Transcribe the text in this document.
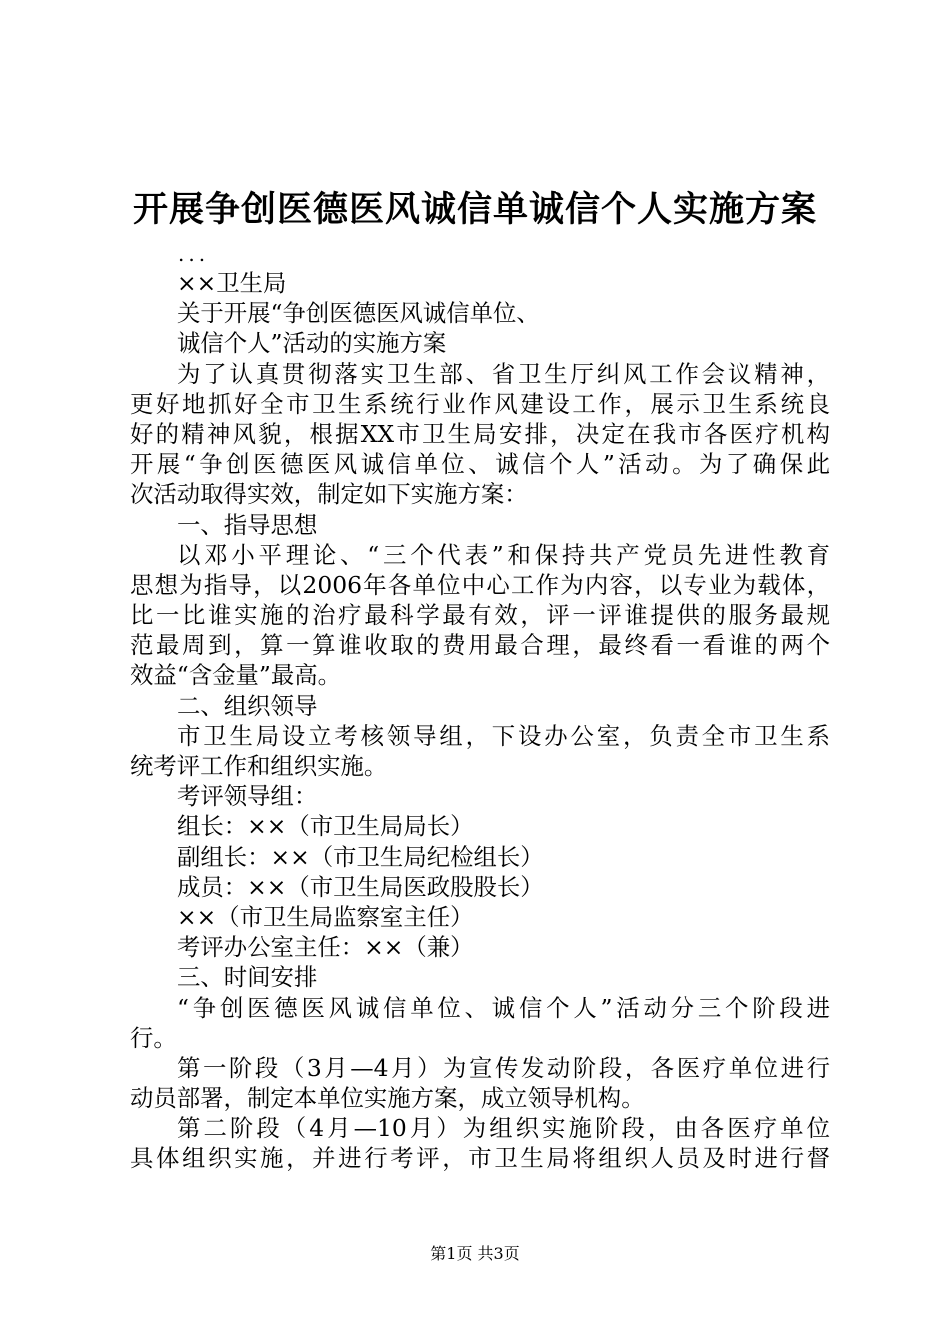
开展争创医德医风诚信单诚信个人实施方案
...
××卫生局
关于开展“争创医德医风诚信单位、
诚信个人”活动的实施方案
为了认真贯彻落实卫生部、省卫生厅纠风工作会议精神，
更好地抓好全市卫生系统行业作风建设工作，展示卫生系统良
好的精神风貌，根据XX市卫生局安排，决定在我市各医疗机构
开展“争创医德医风诚信单位、诚信个人”活动。为了确保此
次活动取得实效，制定如下实施方案：
一、指导思想
以邓小平理论、“三个代表”和保持共产党员先进性教育
思想为指导，以2006年各单位中心工作为内容，以专业为载体，
比一比谁实施的治疗最科学最有效，评一评谁提供的服务最规
范最周到，算一算谁收取的费用最合理，最终看一看谁的两个
效益“含金量”最高。
二、组织领导
市卫生局设立考核领导组，下设办公室，负责全市卫生系
统考评工作和组织实施。
考评领导组：
组长：××（市卫生局局长）
副组长：××（市卫生局纪检组长）
成员：××（市卫生局医政股股长）
××（市卫生局监察室主任）
考评办公室主任：××（兼）
三、时间安排
“争创医德医风诚信单位、诚信个人”活动分三个阶段进
行。
第一阶段（3月—4月）为宣传发动阶段，各医疗单位进行
动员部署，制定本单位实施方案，成立领导机构。
第二阶段（4月—10月）为组织实施阶段，由各医疗单位
具体组织实施，并进行考评，市卫生局将组织人员及时进行督
第1页 共3页
